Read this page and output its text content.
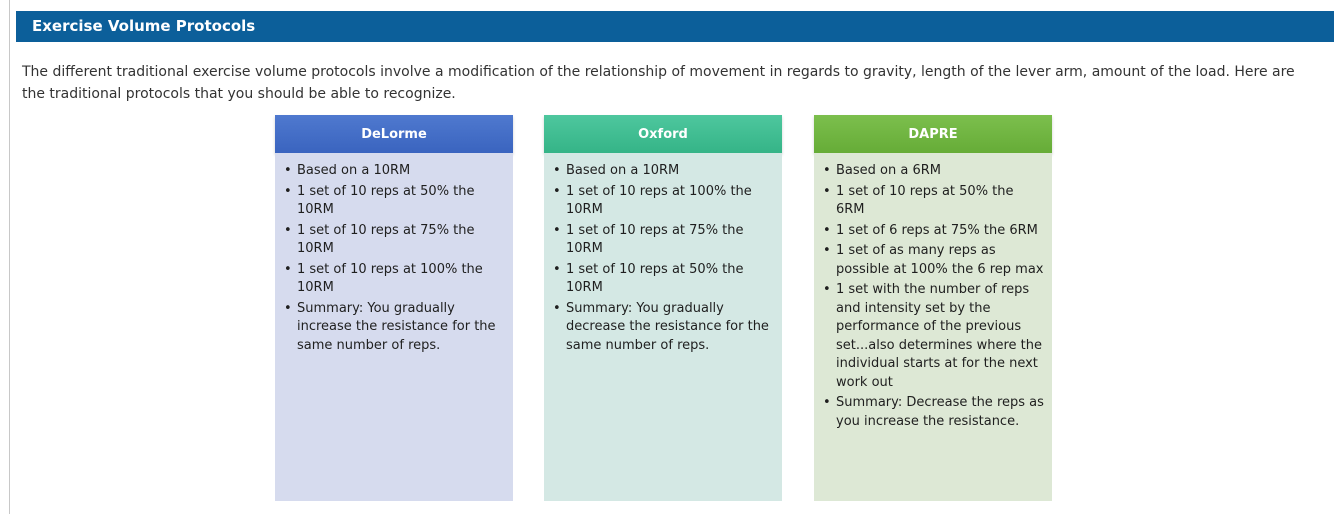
Exercise Volume Protocols

The different traditional exercise volume protocols involve a modification of the relationship of movement in regards to gravity, length of the lever arm, amount of the load. Here are the traditional protocols that you should be able to recognize.

DeLorme
• Based on a 10RM
• 1 set of 10 reps at 50% the 10RM
• 1 set of 10 reps at 75% the 10RM
• 1 set of 10 reps at 100% the 10RM
• Summary: You gradually increase the resistance for the same number of reps.
Oxford
• Based on a 10RM
• 1 set of 10 reps at 100% the 10RM
• 1 set of 10 reps at 75% the 10RM
• 1 set of 10 reps at 50% the 10RM
• Summary: You gradually decrease the resistance for the same number of reps.
DAPRE
• Based on a 6RM
• 1 set of 10 reps at 50% the 6RM
• 1 set of 6 reps at 75% the 6RM
• 1 set of as many reps as possible at 100% the 6 rep max
• 1 set with the number of reps and intensity set by the performance of the previous set...also determines where the individual starts at for the next work out
• Summary: Decrease the reps as you increase the resistance.
